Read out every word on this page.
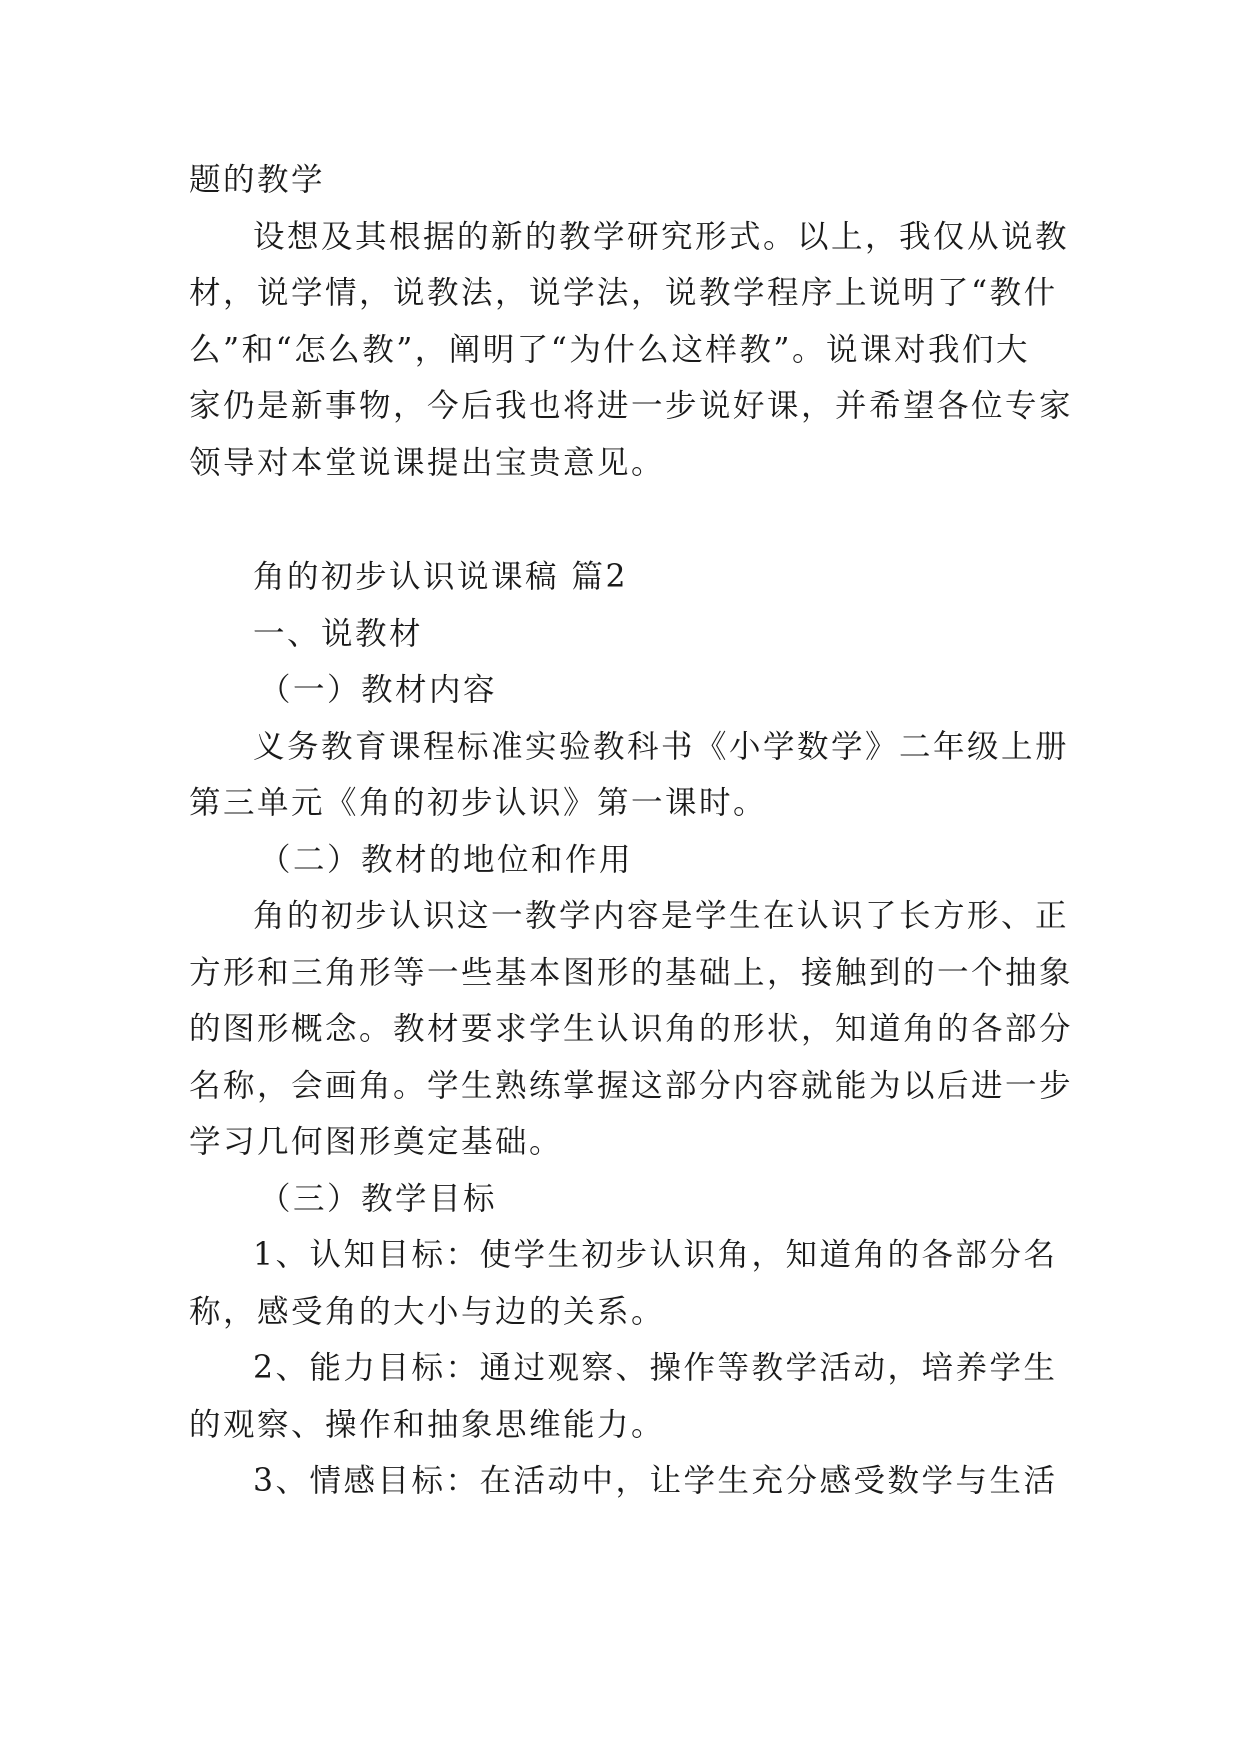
题的教学
设想及其根据的新的教学研究形式。以上，我仅从说教
材，说学情，说教法，说学法，说教学程序上说明了“教什
么”和“怎么教”，阐明了“为什么这样教”。说课对我们大
家仍是新事物，今后我也将进一步说好课，并希望各位专家
领导对本堂说课提出宝贵意见。
角的初步认识说课稿 篇2
一、说教材
（一）教材内容
义务教育课程标准实验教科书《小学数学》二年级上册
第三单元《角的初步认识》第一课时。
（二）教材的地位和作用
角的初步认识这一教学内容是学生在认识了长方形、正
方形和三角形等一些基本图形的基础上，接触到的一个抽象
的图形概念。教材要求学生认识角的形状，知道角的各部分
名称，会画角。学生熟练掌握这部分内容就能为以后进一步
学习几何图形奠定基础。
（三）教学目标
1、认知目标：使学生初步认识角，知道角的各部分名
称，感受角的大小与边的关系。
2、能力目标：通过观察、操作等教学活动，培养学生
的观察、操作和抽象思维能力。
3、情感目标：在活动中，让学生充分感受数学与生活
